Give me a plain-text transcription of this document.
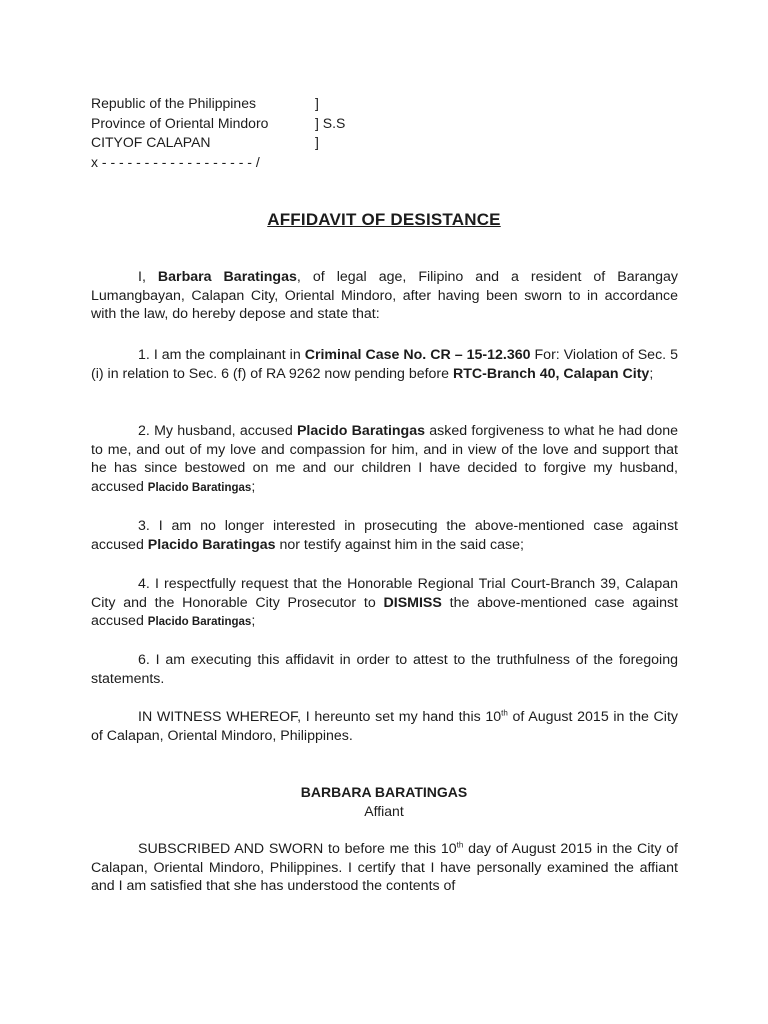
Republic of the Philippines	]
Province of Oriental Mindoro	] S.S
CITYOF CALAPAN	]
x - - - - - - - - - - - - - - - - - - /
AFFIDAVIT OF DESISTANCE

I, Barbara Baratingas, of legal age, Filipino and a resident of Barangay Lumangbayan, Calapan City, Oriental Mindoro, after having been sworn to in accordance with the law, do hereby depose and state that:

1. I am the complainant in Criminal Case No. CR – 15-12.360 For: Violation of Sec. 5 (i) in relation to Sec. 6 (f) of RA 9262 now pending before RTC-Branch 40, Calapan City;

2. My husband, accused Placido Baratingas asked forgiveness to what he had done to me, and out of my love and compassion for him, and in view of the love and support that he has since bestowed on me and our children I have decided to forgive my husband, accused Placido Baratingas;

3. I am no longer interested in prosecuting the above-mentioned case against accused Placido Baratingas nor testify against him in the said case;

4. I respectfully request that the Honorable Regional Trial Court-Branch 39, Calapan City and the Honorable City Prosecutor to DISMISS the above-mentioned case against accused Placido Baratingas;

6. I am executing this affidavit in order to attest to the truthfulness of the foregoing statements.

IN WITNESS WHEREOF, I hereunto set my hand this 10th of August 2015 in the City of Calapan, Oriental Mindoro, Philippines.

BARBARA BARATINGAS
Affiant

SUBSCRIBED AND SWORN to before me this 10th day of August 2015 in the City of Calapan, Oriental Mindoro, Philippines. I certify that I have personally examined the affiant and I am satisfied that she has understood the contents of
